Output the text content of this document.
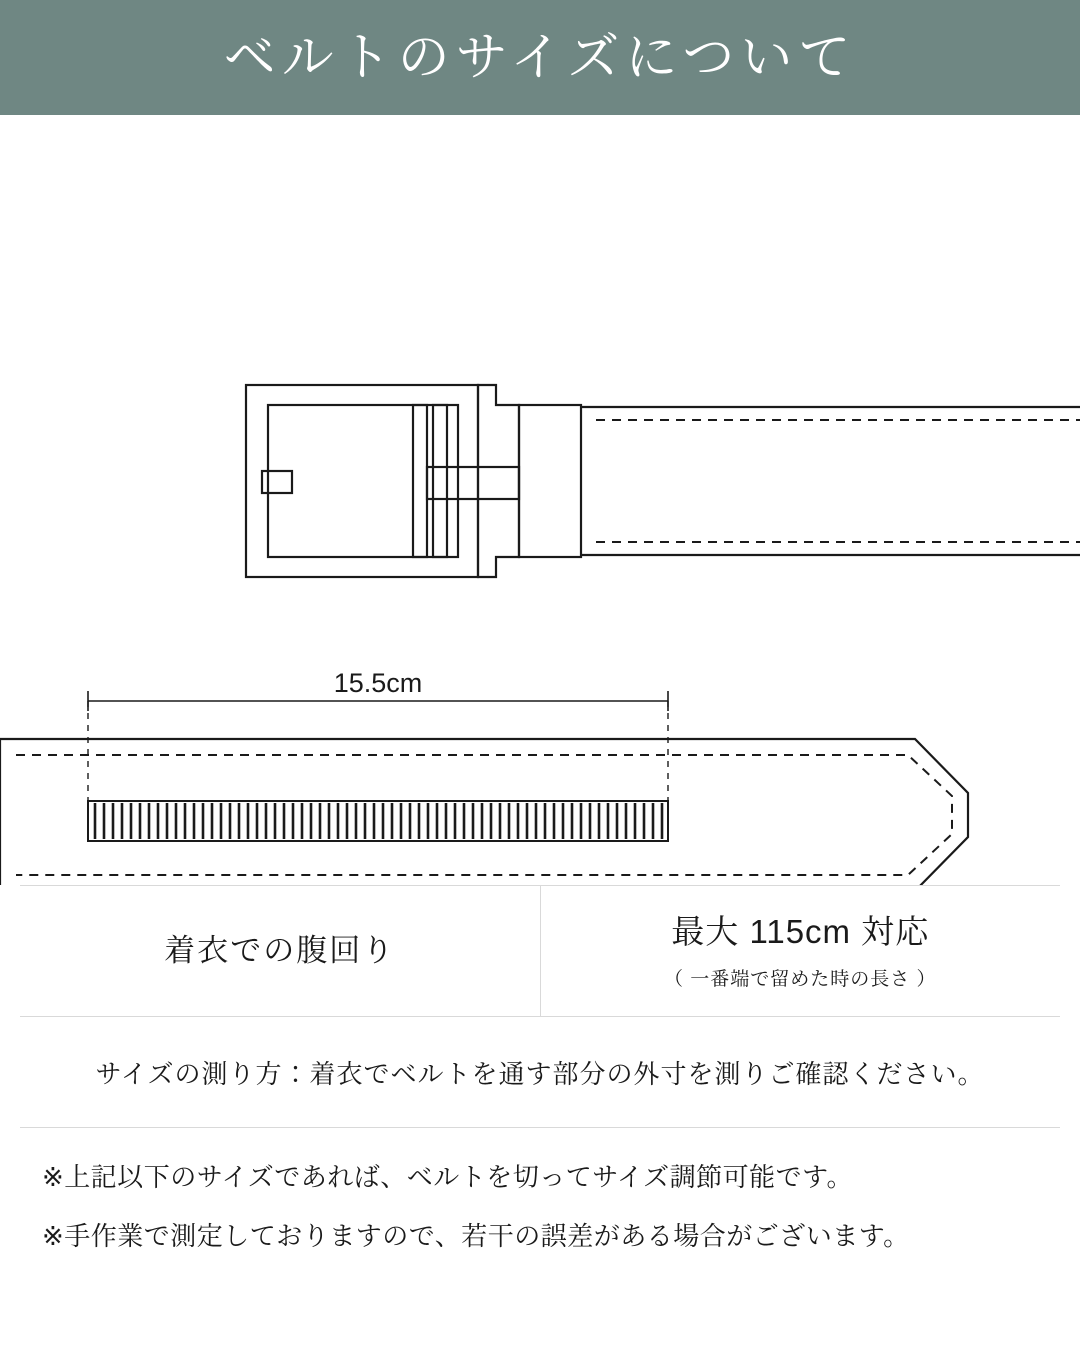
ベルトのサイズについて
15.5cm
着衣での腹回り
最大 115cm 対応
（ 一番端で留めた時の長さ ）
サイズの測り方：着衣でベルトを通す部分の外寸を測りご確認ください。

※上記以下のサイズであれば、ベルトを切ってサイズ調節可能です。

※手作業で測定しておりますので、若干の誤差がある場合がございます。
